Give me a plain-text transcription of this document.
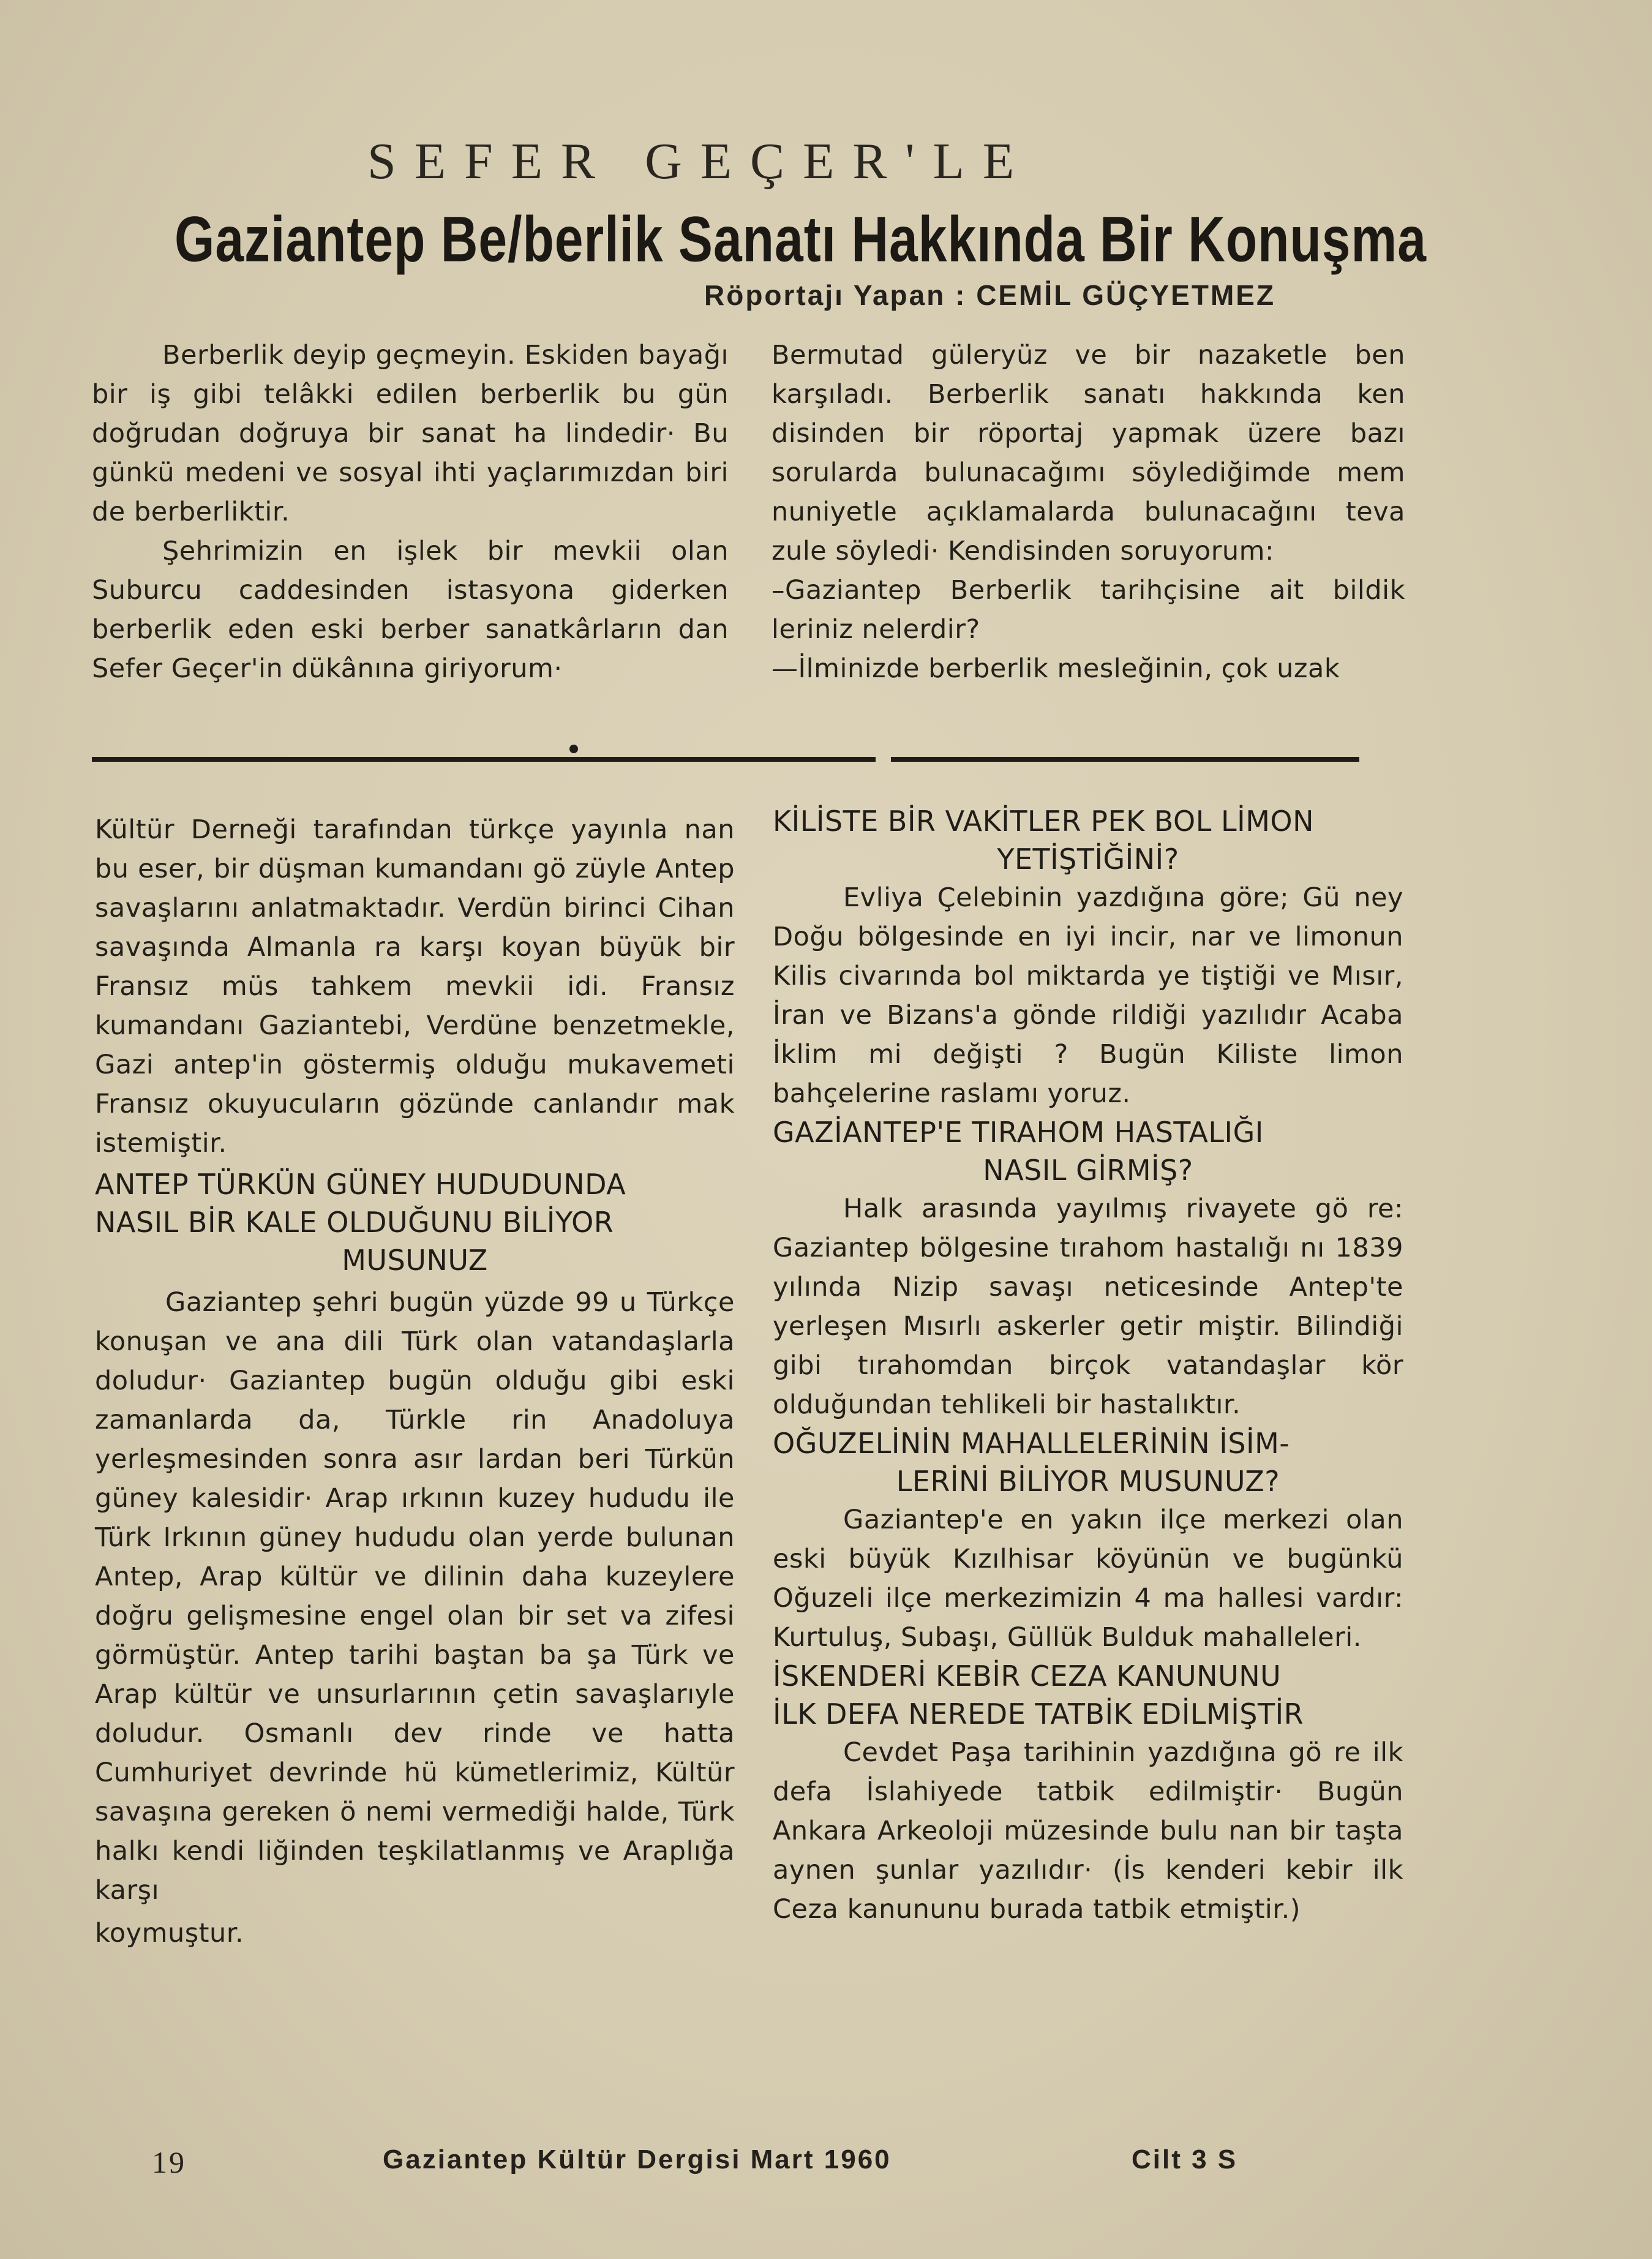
SEFER GEÇER'LE
Gaziantep Be/berlik Sanatı Hakkında Bir Konuşma
Röportajı Yapan : CEMİL GÜÇYETMEZ

Berberlik deyip geçmeyin. Eskiden bayağı bir iş gibi telâkki edilen berberlik bu gün doğrudan doğruya bir sanat ha lindedir· Bu günkü medeni ve sosyal ihti yaçlarımızdan biri de berberliktir.

Şehrimizin en işlek bir mevkii olan Suburcu caddesinden istasyona giderken berberlik eden eski berber sanatkârların dan Sefer Geçer'in dükânına giriyorum·

Bermutad güleryüz ve bir nazaketle ben karşıladı. Berberlik sanatı hakkında ken disinden bir röportaj yapmak üzere bazı sorularda bulunacağımı söylediğimde mem nuniyetle açıklamalarda bulunacağını teva zule söyledi· Kendisinden soruyorum:

–Gaziantep Berberlik tarihçisine ait bildik leriniz nelerdir?

—İlminizde berberlik mesleğinin, çok uzak

Kültür Derneği tarafından türkçe yayınla nan bu eser, bir düşman kumandanı gö züyle Antep savaşlarını anlatmaktadır. Verdün birinci Cihan savaşında Almanla ra karşı koyan büyük bir Fransız müs tahkem mevkii idi. Fransız kumandanı Gaziantebi, Verdüne benzetmekle, Gazi antep'in göstermiş olduğu mukavemeti Fransız okuyucuların gözünde canlandır mak istemiştir.

ANTEP TÜRKÜN GÜNEY HUDUDUNDA
NASIL BİR KALE OLDUĞUNU BİLİYOR
MUSUNUZ

Gaziantep şehri bugün yüzde 99 u Türkçe konuşan ve ana dili Türk olan vatandaşlarla doludur· Gaziantep bugün olduğu gibi eski zamanlarda da, Türkle rin Anadoluya yerleşmesinden sonra asır lardan beri Türkün güney kalesidir· Arap ırkının kuzey hududu ile Türk Irkının güney hududu olan yerde bulunan Antep, Arap kültür ve dilinin daha kuzeylere doğru gelişmesine engel olan bir set va zifesi görmüştür. Antep tarihi baştan ba şa Türk ve Arap kültür ve unsurlarının çetin savaşlarıyle doludur. Osmanlı dev rinde ve hatta Cumhuriyet devrinde hü kümetlerimiz, Kültür savaşına gereken ö nemi vermediği halde, Türk halkı kendi liğinden teşkilatlanmış ve Araplığa karşı

koymuştur.

KİLİSTE BİR VAKİTLER PEK BOL LİMON
YETİŞTİĞİNİ?

Evliya Çelebinin yazdığına göre; Gü ney Doğu bölgesinde en iyi incir, nar ve limonun Kilis civarında bol miktarda ye tiştiği ve Mısır, İran ve Bizans'a gönde rildiği yazılıdır Acaba İklim mi değişti ? Bugün Kiliste limon bahçelerine raslamı yoruz.

GAZİANTEP'E TIRAHOM HASTALIĞI
NASIL GİRMİŞ?

Halk arasında yayılmış rivayete gö re: Gaziantep bölgesine tırahom hastalığı nı 1839 yılında Nizip savaşı neticesinde Antep'te yerleşen Mısırlı askerler getir miştir. Bilindiği gibi tırahomdan birçok vatandaşlar kör olduğundan tehlikeli bir hastalıktır.

OĞUZELİNİN MAHALLELERİNİN İSİM-
LERİNİ BİLİYOR MUSUNUZ?

Gaziantep'e en yakın ilçe merkezi olan eski büyük Kızılhisar köyünün ve bugünkü Oğuzeli ilçe merkezimizin 4 ma hallesi vardır: Kurtuluş, Subaşı, Güllük Bulduk mahalleleri.

İSKENDERİ KEBİR CEZA KANUNUNU
İLK DEFA NEREDE TATBİK EDİLMİŞTİR

Cevdet Paşa tarihinin yazdığına gö re ilk defa İslahiyede tatbik edilmiştir· Bugün Ankara Arkeoloji müzesinde bulu nan bir taşta aynen şunlar yazılıdır· (İs kenderi kebir ilk Ceza kanununu burada tatbik etmiştir.)

19	Gaziantep Kültür Dergisi Mart 1960	Cilt 3 S
